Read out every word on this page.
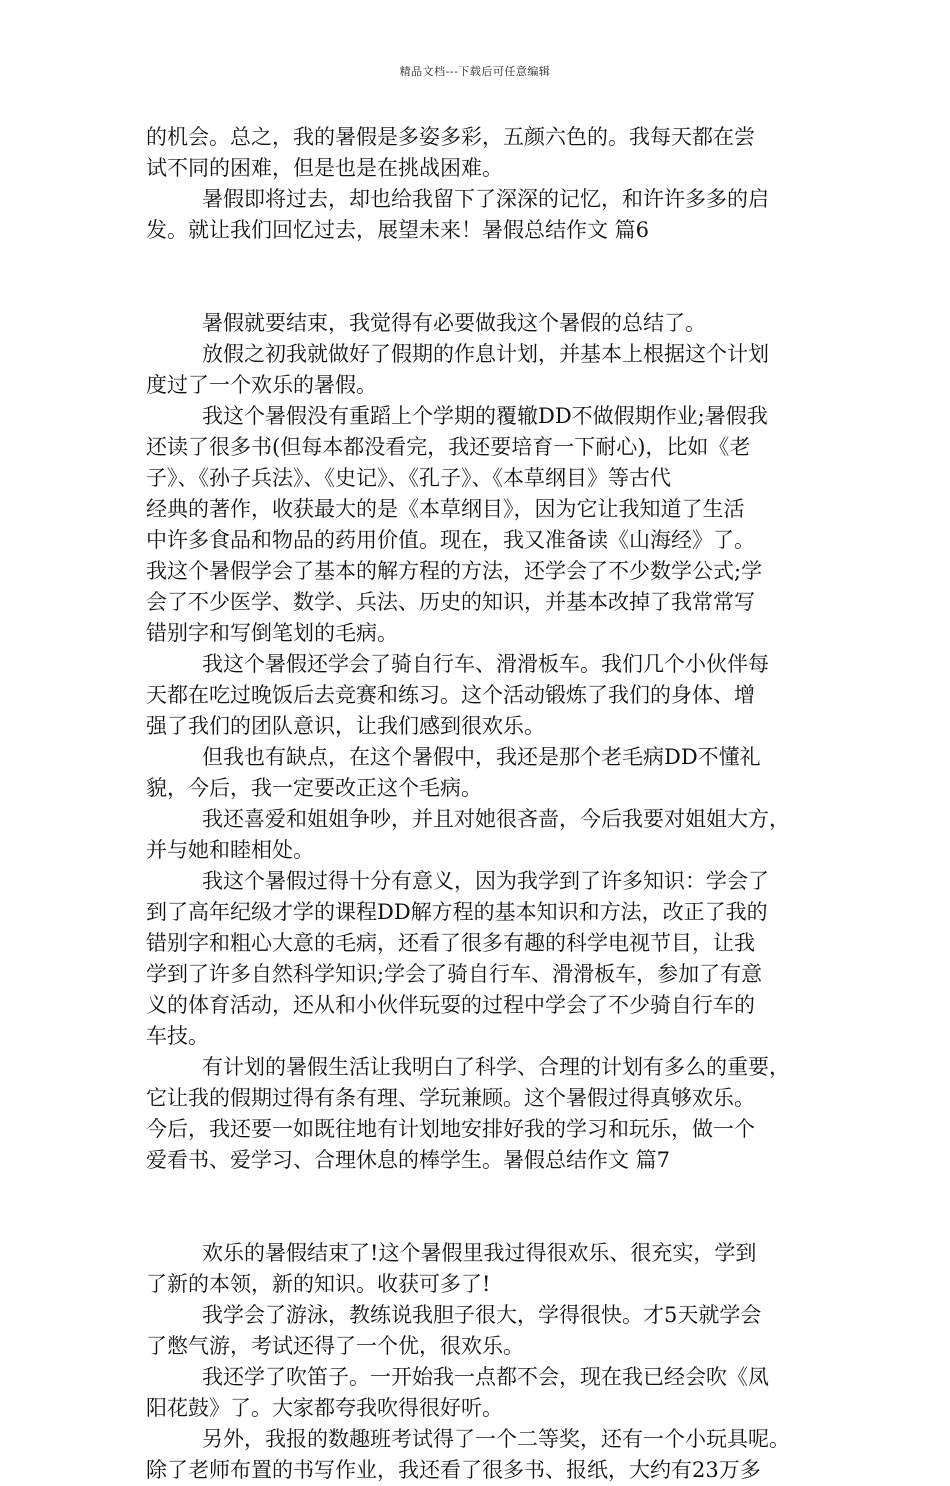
精品文档---下载后可任意编辑
的机会。总之，我的暑假是多姿多彩，五颜六色的。我每天都在尝
试不同的困难，但是也是在挑战困难。
暑假即将过去，却也给我留下了深深的记忆，和许许多多的启
发。就让我们回忆过去，展望未来！暑假总结作文 篇6
暑假就要结束，我觉得有必要做我这个暑假的总结了。
放假之初我就做好了假期的作息计划，并基本上根据这个计划
度过了一个欢乐的暑假。
我这个暑假没有重蹈上个学期的覆辙DD不做假期作业;暑假我
还读了很多书(但每本都没看完，我还要培育一下耐心)，比如《老
子》、《孙子兵法》、《史记》、《孔子》、《本草纲目》等古代
经典的著作，收获最大的是《本草纲目》，因为它让我知道了生活
中许多食品和物品的药用价值。现在，我又准备读《山海经》了。
我这个暑假学会了基本的解方程的方法，还学会了不少数学公式;学
会了不少医学、数学、兵法、历史的知识，并基本改掉了我常常写
错别字和写倒笔划的毛病。
我这个暑假还学会了骑自行车、滑滑板车。我们几个小伙伴每
天都在吃过晚饭后去竞赛和练习。这个活动锻炼了我们的身体、增
强了我们的团队意识，让我们感到很欢乐。
但我也有缺点，在这个暑假中，我还是那个老毛病DD不懂礼
貌，今后，我一定要改正这个毛病。
我还喜爱和姐姐争吵，并且对她很吝啬，今后我要对姐姐大方，
并与她和睦相处。
我这个暑假过得十分有意义，因为我学到了许多知识：学会了
到了高年纪级才学的课程DD解方程的基本知识和方法，改正了我的
错别字和粗心大意的毛病，还看了很多有趣的科学电视节目，让我
学到了许多自然科学知识;学会了骑自行车、滑滑板车，参加了有意
义的体育活动，还从和小伙伴玩耍的过程中学会了不少骑自行车的
车技。
有计划的暑假生活让我明白了科学、合理的计划有多么的重要，
它让我的假期过得有条有理、学玩兼顾。这个暑假过得真够欢乐。
今后，我还要一如既往地有计划地安排好我的学习和玩乐，做一个
爱看书、爱学习、合理休息的棒学生。暑假总结作文 篇7
欢乐的暑假结束了!这个暑假里我过得很欢乐、很充实，学到
了新的本领，新的知识。收获可多了!
我学会了游泳，教练说我胆子很大，学得很快。才5天就学会
了憋气游，考试还得了一个优，很欢乐。
我还学了吹笛子。一开始我一点都不会，现在我已经会吹《凤
阳花鼓》了。大家都夸我吹得很好听。
另外，我报的数趣班考试得了一个二等奖，还有一个小玩具呢。
除了老师布置的书写作业，我还看了很多书、报纸，大约有23万多
